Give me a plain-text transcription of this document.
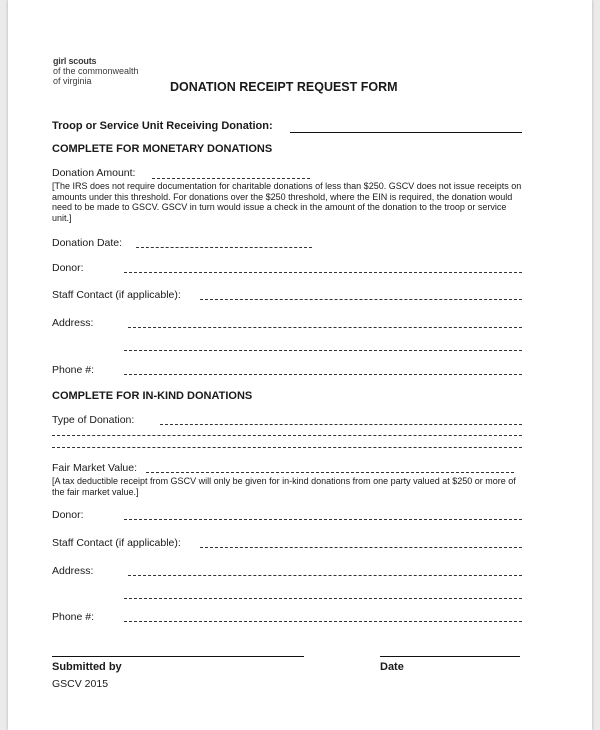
girl scouts
of the commonwealth
of virginia	DONATION RECEIPT REQUEST FORM
Troop or Service Unit Receiving Donation:
COMPLETE FOR MONETARY DONATIONS
Donation Amount:
[The IRS does not require documentation for charitable donations of less than $250. GSCV does not issue receipts on amounts under this threshold. For donations over the $250 threshold, where the EIN is required, the donation would need to be made to GSCV. GSCV in turn would issue a check in the amount of the donation to the troop or service unit.]
Donation Date:
Donor:
Staff Contact (if applicable):
Address:
Phone #:
COMPLETE FOR IN-KIND DONATIONS
Type of Donation:
Fair Market Value:
[A tax deductible receipt from GSCV will only be given for in-kind donations from one party valued at $250 or more of the fair market value.]
Donor:
Staff Contact (if applicable):
Address:
Phone #:
Submitted by	Date
GSCV 2015
